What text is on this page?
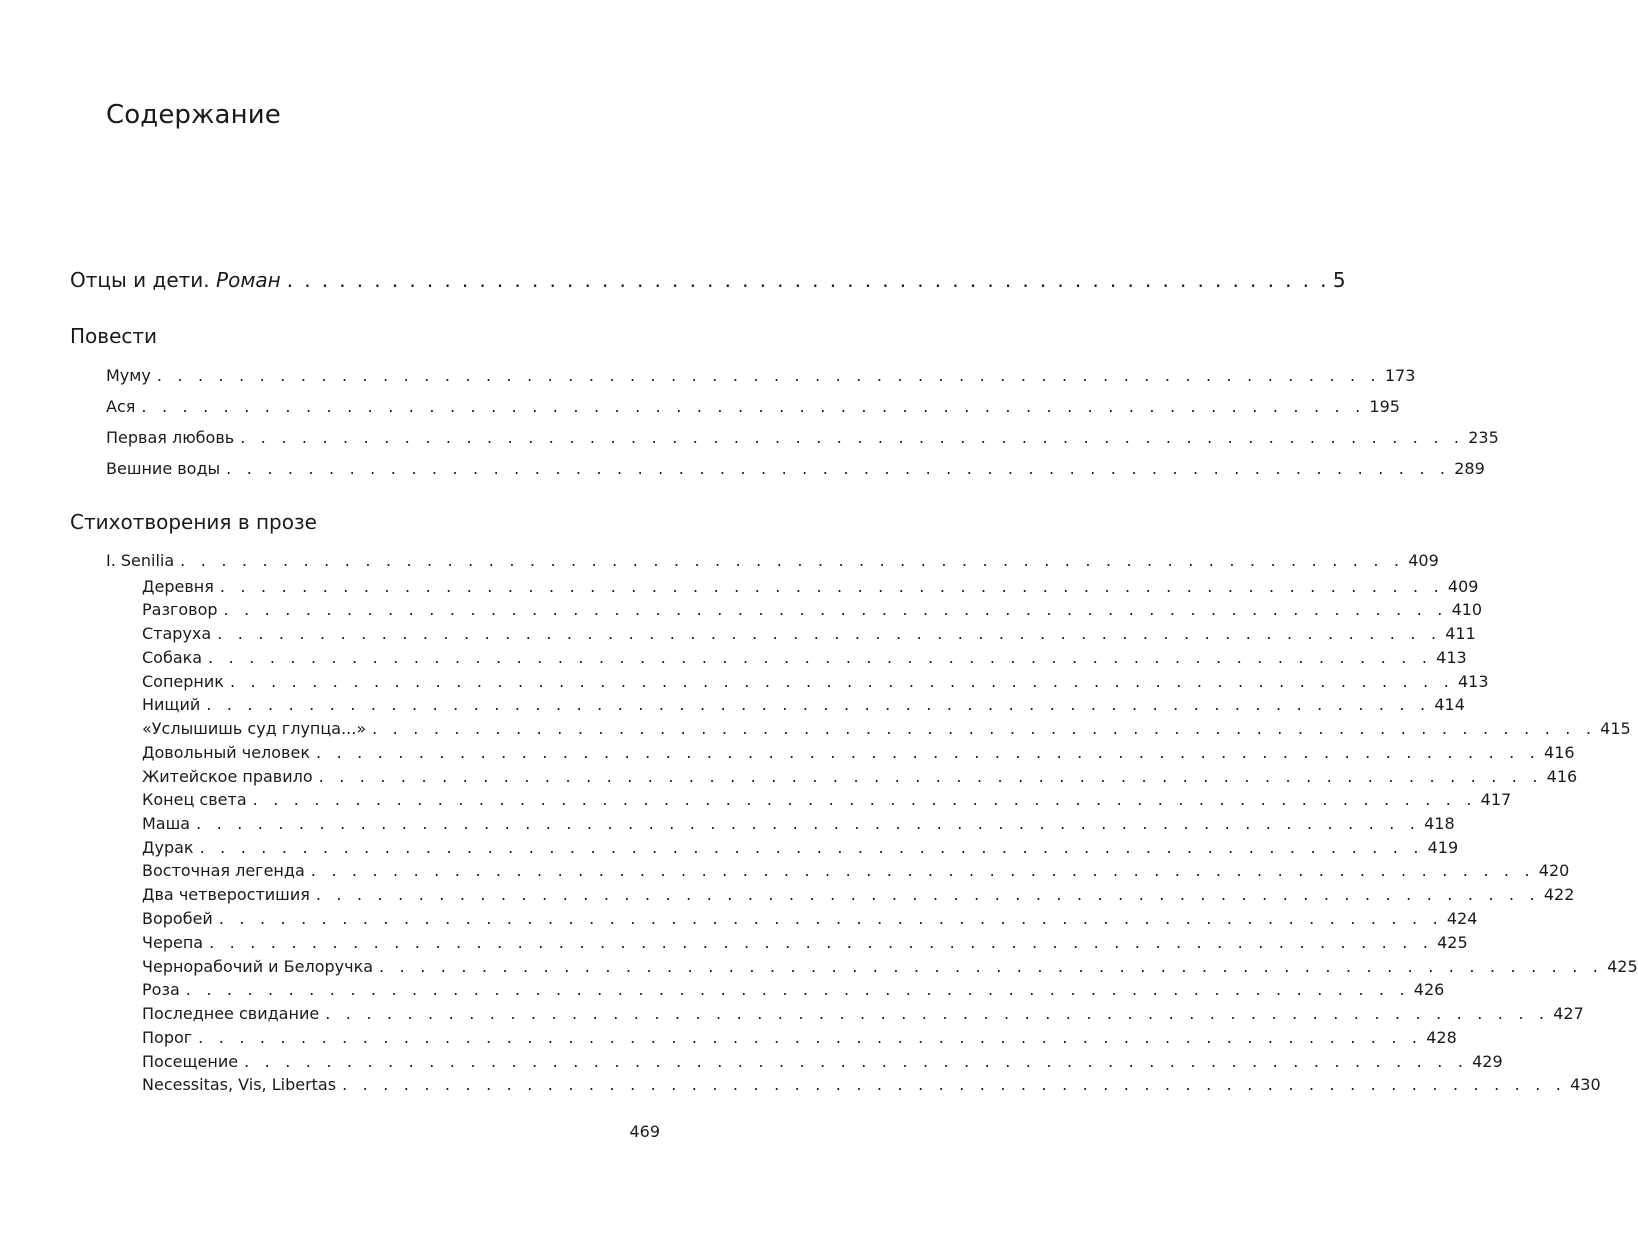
Содержание
Отцы и дети. Роман . . . . . . . . . . . . . . . . . . . . . . . . . . . . . . . . . . . . . . . . . . . . . . . . . . . . . . . . . . . . 5
Повести
Муму . . . . . . . . . . . . . . . . . . . . . . . . . . . . . . . . . . . . . . . . . . . . . . . . . . . . . . . . . . . . 173
Ася . . . . . . . . . . . . . . . . . . . . . . . . . . . . . . . . . . . . . . . . . . . . . . . . . . . . . . . . . . . . 195
Первая любовь . . . . . . . . . . . . . . . . . . . . . . . . . . . . . . . . . . . . . . . . . . . . . . . . . . . . . . . . . . . . 235
Вешние воды . . . . . . . . . . . . . . . . . . . . . . . . . . . . . . . . . . . . . . . . . . . . . . . . . . . . . . . . . . . . 289
Стихотворения в прозе
I. Senilia . . . . . . . . . . . . . . . . . . . . . . . . . . . . . . . . . . . . . . . . . . . . . . . . . . . . . . . . . . . . 409
Деревня . . . . . . . . . . . . . . . . . . . . . . . . . . . . . . . . . . . . . . . . . . . . . . . . . . . . . . . . . . . . 409
Разговор . . . . . . . . . . . . . . . . . . . . . . . . . . . . . . . . . . . . . . . . . . . . . . . . . . . . . . . . . . . . 410
Старуха . . . . . . . . . . . . . . . . . . . . . . . . . . . . . . . . . . . . . . . . . . . . . . . . . . . . . . . . . . . . 411
Собака . . . . . . . . . . . . . . . . . . . . . . . . . . . . . . . . . . . . . . . . . . . . . . . . . . . . . . . . . . . . 413
Соперник . . . . . . . . . . . . . . . . . . . . . . . . . . . . . . . . . . . . . . . . . . . . . . . . . . . . . . . . . . . . 413
Нищий . . . . . . . . . . . . . . . . . . . . . . . . . . . . . . . . . . . . . . . . . . . . . . . . . . . . . . . . . . . . 414
«Услышишь суд глупца...» . . . . . . . . . . . . . . . . . . . . . . . . . . . . . . . . . . . . . . . . . . . . . . . . . . . . . . . . . . . . 415
Довольный человек . . . . . . . . . . . . . . . . . . . . . . . . . . . . . . . . . . . . . . . . . . . . . . . . . . . . . . . . . . . . 416
Житейское правило . . . . . . . . . . . . . . . . . . . . . . . . . . . . . . . . . . . . . . . . . . . . . . . . . . . . . . . . . . . . 416
Конец света . . . . . . . . . . . . . . . . . . . . . . . . . . . . . . . . . . . . . . . . . . . . . . . . . . . . . . . . . . . . 417
Маша . . . . . . . . . . . . . . . . . . . . . . . . . . . . . . . . . . . . . . . . . . . . . . . . . . . . . . . . . . . . 418
Дурак . . . . . . . . . . . . . . . . . . . . . . . . . . . . . . . . . . . . . . . . . . . . . . . . . . . . . . . . . . . . 419
Восточная легенда . . . . . . . . . . . . . . . . . . . . . . . . . . . . . . . . . . . . . . . . . . . . . . . . . . . . . . . . . . . . 420
Два четверостишия . . . . . . . . . . . . . . . . . . . . . . . . . . . . . . . . . . . . . . . . . . . . . . . . . . . . . . . . . . . . 422
Воробей . . . . . . . . . . . . . . . . . . . . . . . . . . . . . . . . . . . . . . . . . . . . . . . . . . . . . . . . . . . . 424
Черепа . . . . . . . . . . . . . . . . . . . . . . . . . . . . . . . . . . . . . . . . . . . . . . . . . . . . . . . . . . . . 425
Чернорабочий и Белоручка . . . . . . . . . . . . . . . . . . . . . . . . . . . . . . . . . . . . . . . . . . . . . . . . . . . . . . . . . . . . 425
Роза . . . . . . . . . . . . . . . . . . . . . . . . . . . . . . . . . . . . . . . . . . . . . . . . . . . . . . . . . . . . 426
Последнее свидание . . . . . . . . . . . . . . . . . . . . . . . . . . . . . . . . . . . . . . . . . . . . . . . . . . . . . . . . . . . . 427
Порог . . . . . . . . . . . . . . . . . . . . . . . . . . . . . . . . . . . . . . . . . . . . . . . . . . . . . . . . . . . . 428
Посещение . . . . . . . . . . . . . . . . . . . . . . . . . . . . . . . . . . . . . . . . . . . . . . . . . . . . . . . . . . . . 429
Necessitas, Vis, Libertas . . . . . . . . . . . . . . . . . . . . . . . . . . . . . . . . . . . . . . . . . . . . . . . . . . . . . . . . . . . . 430
469
